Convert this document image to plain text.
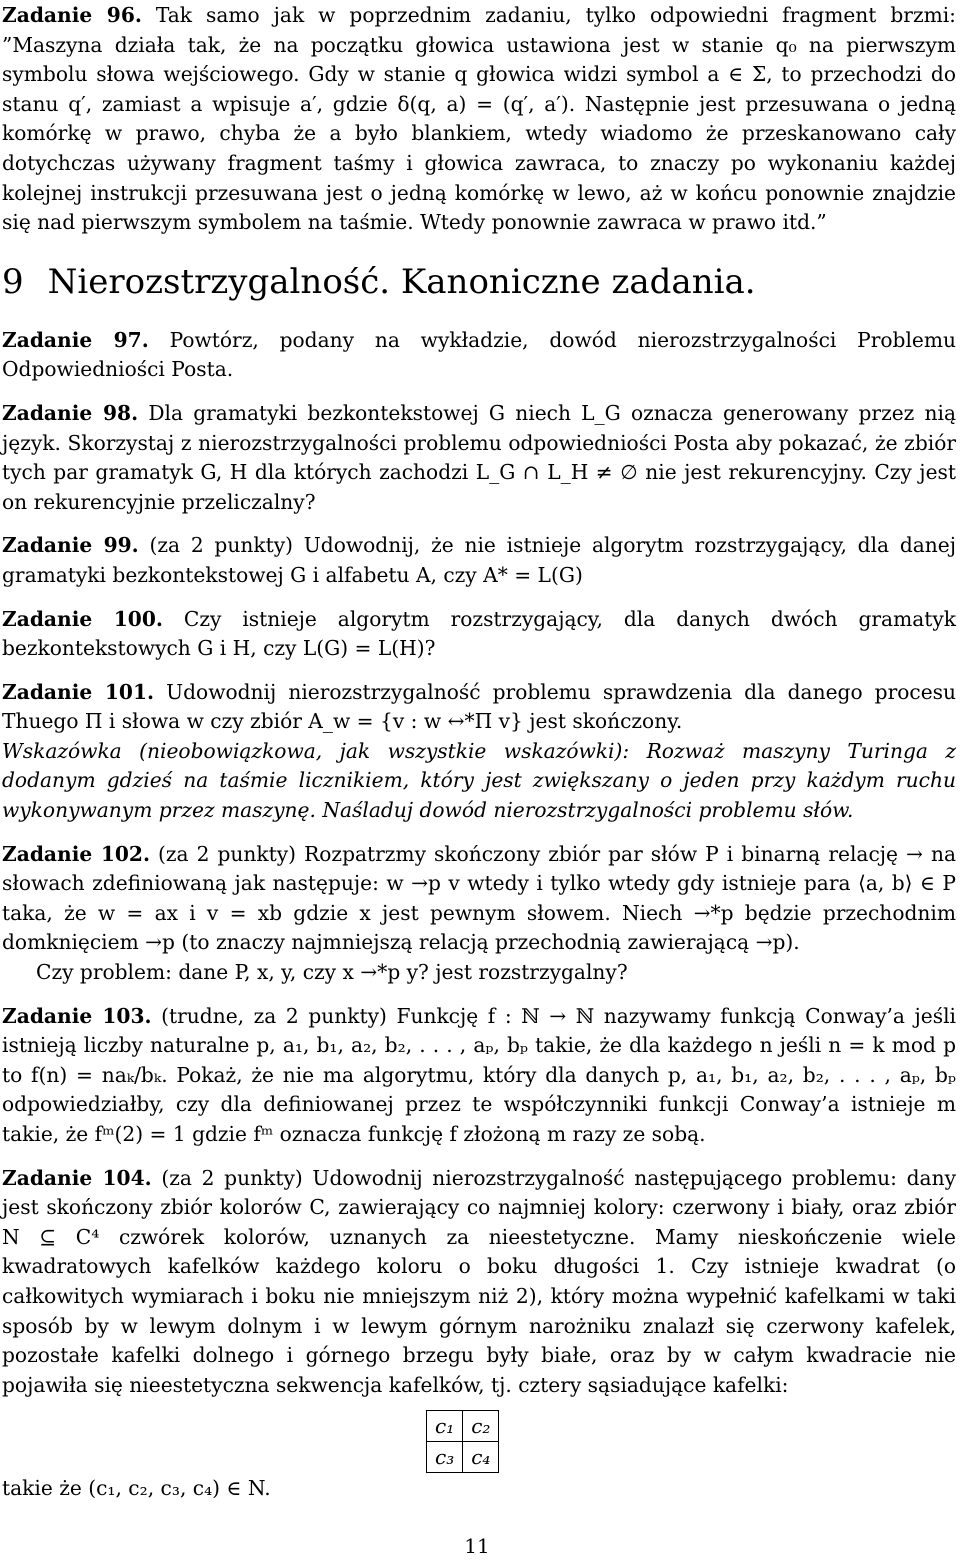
Zadanie 96. Tak samo jak w poprzednim zadaniu, tylko odpowiedni fragment brzmi: ”Maszyna działa tak, że na początku głowica ustawiona jest w stanie q₀ na pierwszym symbolu słowa wejściowego. Gdy w stanie q głowica widzi symbol a ∈ Σ, to przechodzi do stanu q′, zamiast a wpisuje a′, gdzie δ(q, a) = (q′, a′). Następnie jest przesuwana o jedną komórkę w prawo, chyba że a było blankiem, wtedy wiadomo że przeskanowano cały dotychczas używany fragment taśmy i głowica zawraca, to znaczy po wykonaniu każdej kolejnej instrukcji przesuwana jest o jedną komórkę w lewo, aż w końcu ponownie znajdzie się nad pierwszym symbolem na taśmie. Wtedy ponownie zawraca w prawo itd.”

9 Nierozstrzygalność. Kanoniczne zadania.

Zadanie 97. Powtórz, podany na wykładzie, dowód nierozstrzygalności Problemu Odpowiedniości Posta.

Zadanie 98. Dla gramatyki bezkontekstowej G niech L_G oznacza generowany przez nią język. Skorzystaj z nierozstrzygalności problemu odpowiedniości Posta aby pokazać, że zbiór tych par gramatyk G, H dla których zachodzi L_G ∩ L_H ≠ ∅ nie jest rekurencyjny. Czy jest on rekurencyjnie przeliczalny?

Zadanie 99. (za 2 punkty) Udowodnij, że nie istnieje algorytm rozstrzygający, dla danej gramatyki bezkontekstowej G i alfabetu A, czy A* = L(G)

Zadanie 100. Czy istnieje algorytm rozstrzygający, dla danych dwóch gramatyk bezkontekstowych G i H, czy L(G) = L(H)?

Zadanie 101. Udowodnij nierozstrzygalność problemu sprawdzenia dla danego procesu Thuego Π i słowa w czy zbiór A_w = {v : w ↔*Π v} jest skończony.

Wskazówka (nieobowiązkowa, jak wszystkie wskazówki): Rozważ maszyny Turinga z dodanym gdzieś na taśmie licznikiem, który jest zwiększany o jeden przy każdym ruchu wykonywanym przez maszynę. Naśladuj dowód nierozstrzygalności problemu słów.

Zadanie 102. (za 2 punkty) Rozpatrzmy skończony zbiór par słów P i binarną relację → na słowach zdefiniowaną jak następuje: w →p v wtedy i tylko wtedy gdy istnieje para ⟨a, b⟩ ∈ P taka, że w = ax i v = xb gdzie x jest pewnym słowem. Niech →*p będzie przechodnim domknięciem →p (to znaczy najmniejszą relacją przechodnią zawierającą →p).

Czy problem: dane P, x, y, czy x →*p y? jest rozstrzygalny?

Zadanie 103. (trudne, za 2 punkty) Funkcję f : ℕ → ℕ nazywamy funkcją Conway’a jeśli istnieją liczby naturalne p, a₁, b₁, a₂, b₂, . . . , aₚ, bₚ takie, że dla każdego n jeśli n = k mod p to f(n) = naₖ/bₖ. Pokaż, że nie ma algorytmu, który dla danych p, a₁, b₁, a₂, b₂, . . . , aₚ, bₚ odpowiedziałby, czy dla definiowanej przez te współczynniki funkcji Conway’a istnieje m takie, że fᵐ(2) = 1 gdzie fᵐ oznacza funkcję f złożoną m razy ze sobą.

Zadanie 104. (za 2 punkty) Udowodnij nierozstrzygalność następującego problemu: dany jest skończony zbiór kolorów C, zawierający co najmniej kolory: czerwony i biały, oraz zbiór N ⊆ C⁴ czwórek kolorów, uznanych za nieestetyczne. Mamy nieskończenie wiele kwadratowych kafelków każdego koloru o boku długości 1. Czy istnieje kwadrat (o całkowitych wymiarach i boku nie mniejszym niż 2), który można wypełnić kafelkami w taki sposób by w lewym dolnym i w lewym górnym narożniku znalazł się czerwony kafelek, pozostałe kafelki dolnego i górnego brzegu były białe, oraz by w całym kwadracie nie pojawiła się nieestetyczna sekwencja kafelków, tj. cztery sąsiadujące kafelki:

c₁	c₂
c₃	c₄
takie że (c₁, c₂, c₃, c₄) ∈ N.
11
